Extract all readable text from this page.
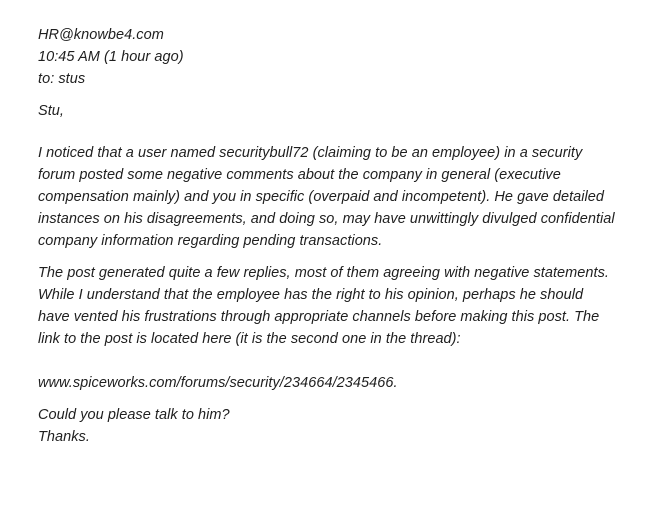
HR@knowbe4.com
10:45 AM (1 hour ago)
to: stus
Stu,

I noticed that a user named securitybull72 (claiming to be an employee) in a security forum posted some negative comments about the company in general (executive compensation mainly) and you in specific (overpaid and incompetent). He gave detailed instances on his disagreements, and doing so, may have unwittingly divulged confidential company information regarding pending transactions.

The post generated quite a few replies, most of them agreeing with negative statements. While I understand that the employee has the right to his opinion, perhaps he should have vented his frustrations through appropriate channels before making this post. The link to the post is located here (it is the second one in the thread):

www.spiceworks.com/forums/security/234664/2345466.
Could you please talk to him?
Thanks.
